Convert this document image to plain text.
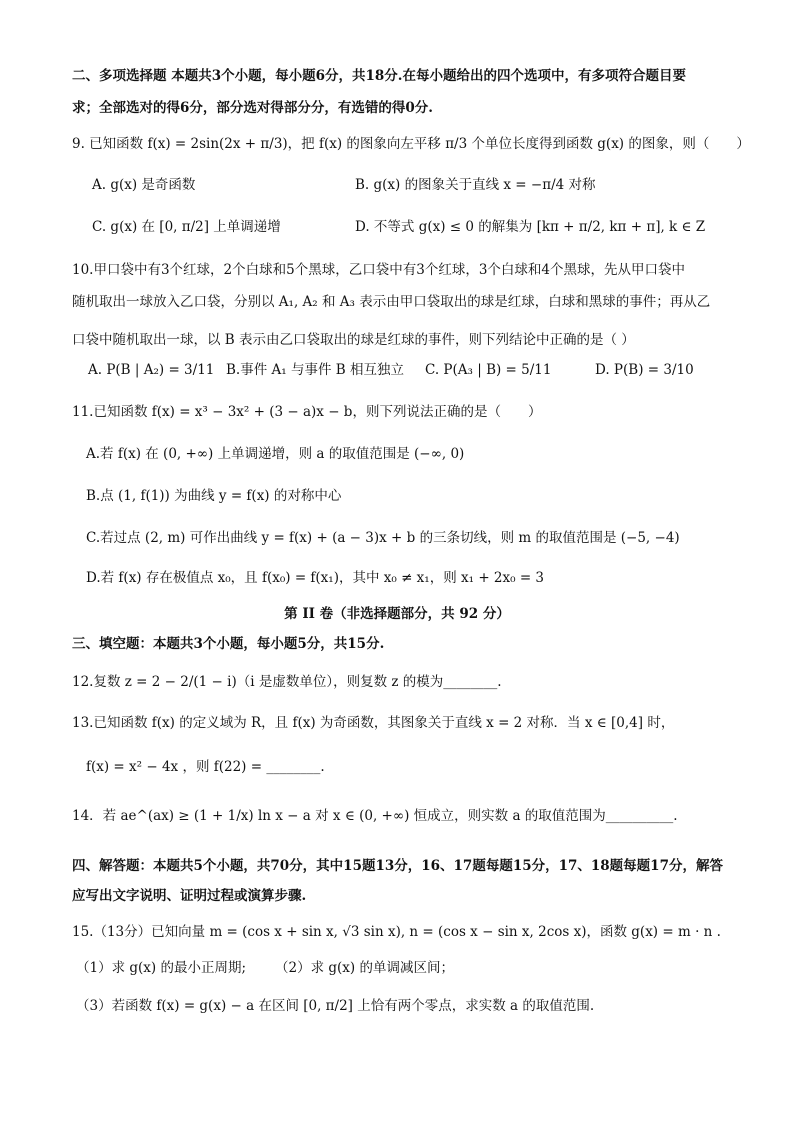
二、多项选择题 本题共3个小题，每小题6分，共18分.在每小题给出的四个选项中，有多项符合题目要
求；全部选对的得6分，部分选对得部分分，有选错的得0分.
9. 已知函数 f(x) = 2sin(2x + π/3)，把 f(x) 的图象向左平移 π/3 个单位长度得到函数 g(x) 的图象，则（　　）
A. g(x) 是奇函数	B. g(x) 的图象关于直线 x = −π/4 对称
C. g(x) 在 [0, π/2] 上单调递增	D. 不等式 g(x) ≤ 0 的解集为 [kπ + π/2, kπ + π], k ∈ Z
10.甲口袋中有3个红球，2个白球和5个黑球，乙口袋中有3个红球，3个白球和4个黑球，先从甲口袋中
随机取出一球放入乙口袋，分别以 A₁, A₂ 和 A₃ 表示由甲口袋取出的球是红球，白球和黑球的事件；再从乙
口袋中随机取出一球，以 B 表示由乙口袋取出的球是红球的事件，则下列结论中正确的是（ ）
A. P(B | A₂) = 3/11 B.事件 A₁ 与事件 B 相互独立 C. P(A₃ | B) = 5/11	D. P(B) = 3/10
11.已知函数 f(x) = x³ − 3x² + (3 − a)x − b，则下列说法正确的是（　　）
A.若 f(x) 在 (0, +∞) 上单调递增，则 a 的取值范围是 (−∞, 0)
B.点 (1, f(1)) 为曲线 y = f(x) 的对称中心
C.若过点 (2, m) 可作出曲线 y = f(x) + (a − 3)x + b 的三条切线，则 m 的取值范围是 (−5, −4)
D.若 f(x) 存在极值点 x₀，且 f(x₀) = f(x₁)，其中 x₀ ≠ x₁，则 x₁ + 2x₀ = 3
第 II 卷（非选择题部分，共 92 分）
三、填空题：本题共3个小题，每小题5分，共15分.
12.复数 z = 2 − 2/(1 − i)（i 是虚数单位），则复数 z 的模为________.
13.已知函数 f(x) 的定义域为 R，且 f(x) 为奇函数，其图象关于直线 x = 2 对称．当 x ∈ [0,4] 时，
f(x) = x² − 4x ，则 f(22) = ________.
14．若 ae^(ax) ≥ (1 + 1/x) ln x − a 对 x ∈ (0, +∞) 恒成立，则实数 a 的取值范围为__________.
四、解答题：本题共5个小题，共70分，其中15题13分，16、17题每题15分，17、18题每题17分，解答
应写出文字说明、证明过程或演算步骤.
15.（13分）已知向量 m = (cos x + sin x, √3 sin x), n = (cos x − sin x, 2cos x)，函数 g(x) = m · n .
（1）求 g(x) 的最小正周期; （2）求 g(x) 的单调减区间；
（3）若函数 f(x) = g(x) − a 在区间 [0, π/2] 上恰有两个零点，求实数 a 的取值范围.
